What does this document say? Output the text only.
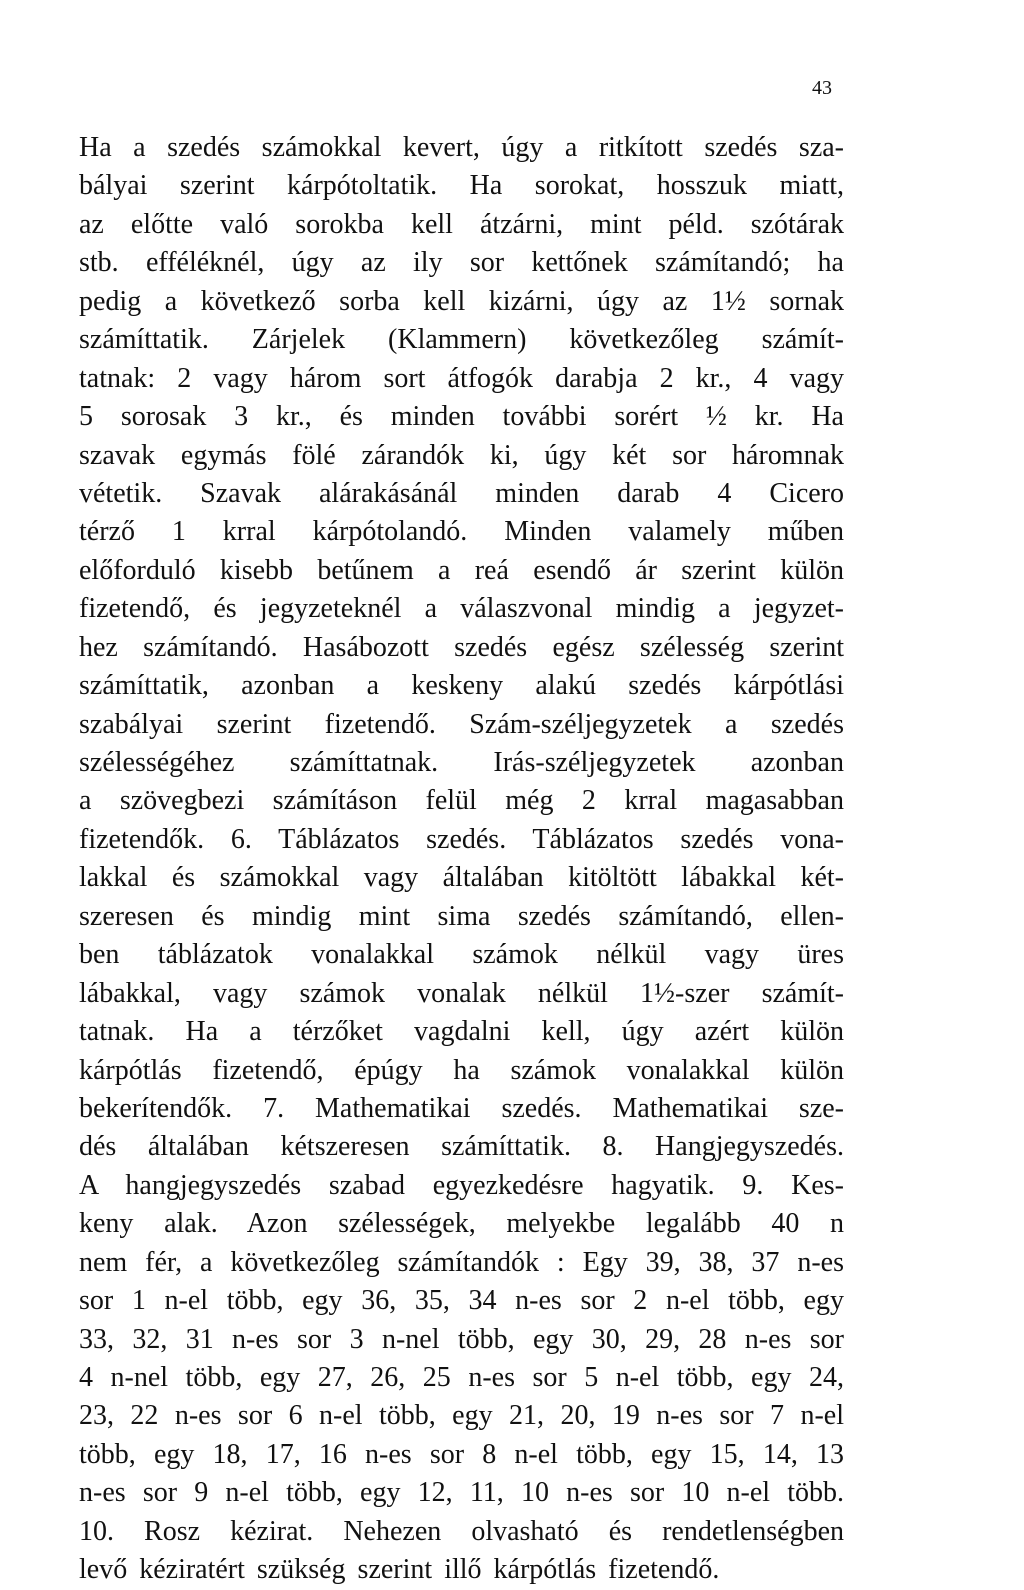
43
Ha a szedés számokkal kevert, úgy a ritkított szedés sza-
bályai szerint kárpótoltatik. Ha sorokat, hosszuk miatt,
az előtte való sorokba kell átzárni, mint péld. szótárak
stb. efféléknél, úgy az ily sor kettőnek számítandó; ha
pedig a következő sorba kell kizárni, úgy az 1½ sornak
számíttatik. Zárjelek (Klammern) következőleg számít-
tatnak: 2 vagy három sort átfogók darabja 2 kr., 4 vagy
5 sorosak 3 kr., és minden további sorért ½ kr. Ha
szavak egymás fölé zárandók ki, úgy két sor háromnak
vétetik. Szavak alárakásánál minden darab 4 Cicero
térző 1 krral kárpótolandó. Minden valamely műben
előforduló kisebb betűnem a reá esendő ár szerint külön
fizetendő, és jegyzeteknél a válaszvonal mindig a jegyzet-
hez számítandó. Hasábozott szedés egész szélesség szerint
számíttatik, azonban a keskeny alakú szedés kárpótlási
szabályai szerint fizetendő. Szám-széljegyzetek a szedés
szélességéhez számíttatnak. Irás-széljegyzetek azonban
a szövegbezi számításon felül még 2 krral magasabban
fizetendők. 6. Táblázatos szedés. Táblázatos szedés vona-
lakkal és számokkal vagy általában kitöltött lábakkal két-
szeresen és mindig mint sima szedés számítandó, ellen-
ben táblázatok vonalakkal számok nélkül vagy üres
lábakkal, vagy számok vonalak nélkül 1½-szer számít-
tatnak. Ha a térzőket vagdalni kell, úgy azért külön
kárpótlás fizetendő, épúgy ha számok vonalakkal külön
bekerítendők. 7. Mathematikai szedés. Mathematikai sze-
dés általában kétszeresen számíttatik. 8. Hangjegyszedés.
A hangjegyszedés szabad egyezkedésre hagyatik. 9. Kes-
keny alak. Azon szélességek, melyekbe legalább 40 n
nem fér, a következőleg számítandók : Egy 39, 38, 37 n-es
sor 1 n-el több, egy 36, 35, 34 n-es sor 2 n-el több, egy
33, 32, 31 n-es sor 3 n-nel több, egy 30, 29, 28 n-es sor
4 n-nel több, egy 27, 26, 25 n-es sor 5 n-el több, egy 24,
23, 22 n-es sor 6 n-el több, egy 21, 20, 19 n-es sor 7 n-el
több, egy 18, 17, 16 n-es sor 8 n-el több, egy 15, 14, 13
n-es sor 9 n-el több, egy 12, 11, 10 n-es sor 10 n-el több.
10. Rosz kézirat. Nehezen olvasható és rendetlenségben
levő kéziratért szükség szerint illő kárpótlás fizetendő.
